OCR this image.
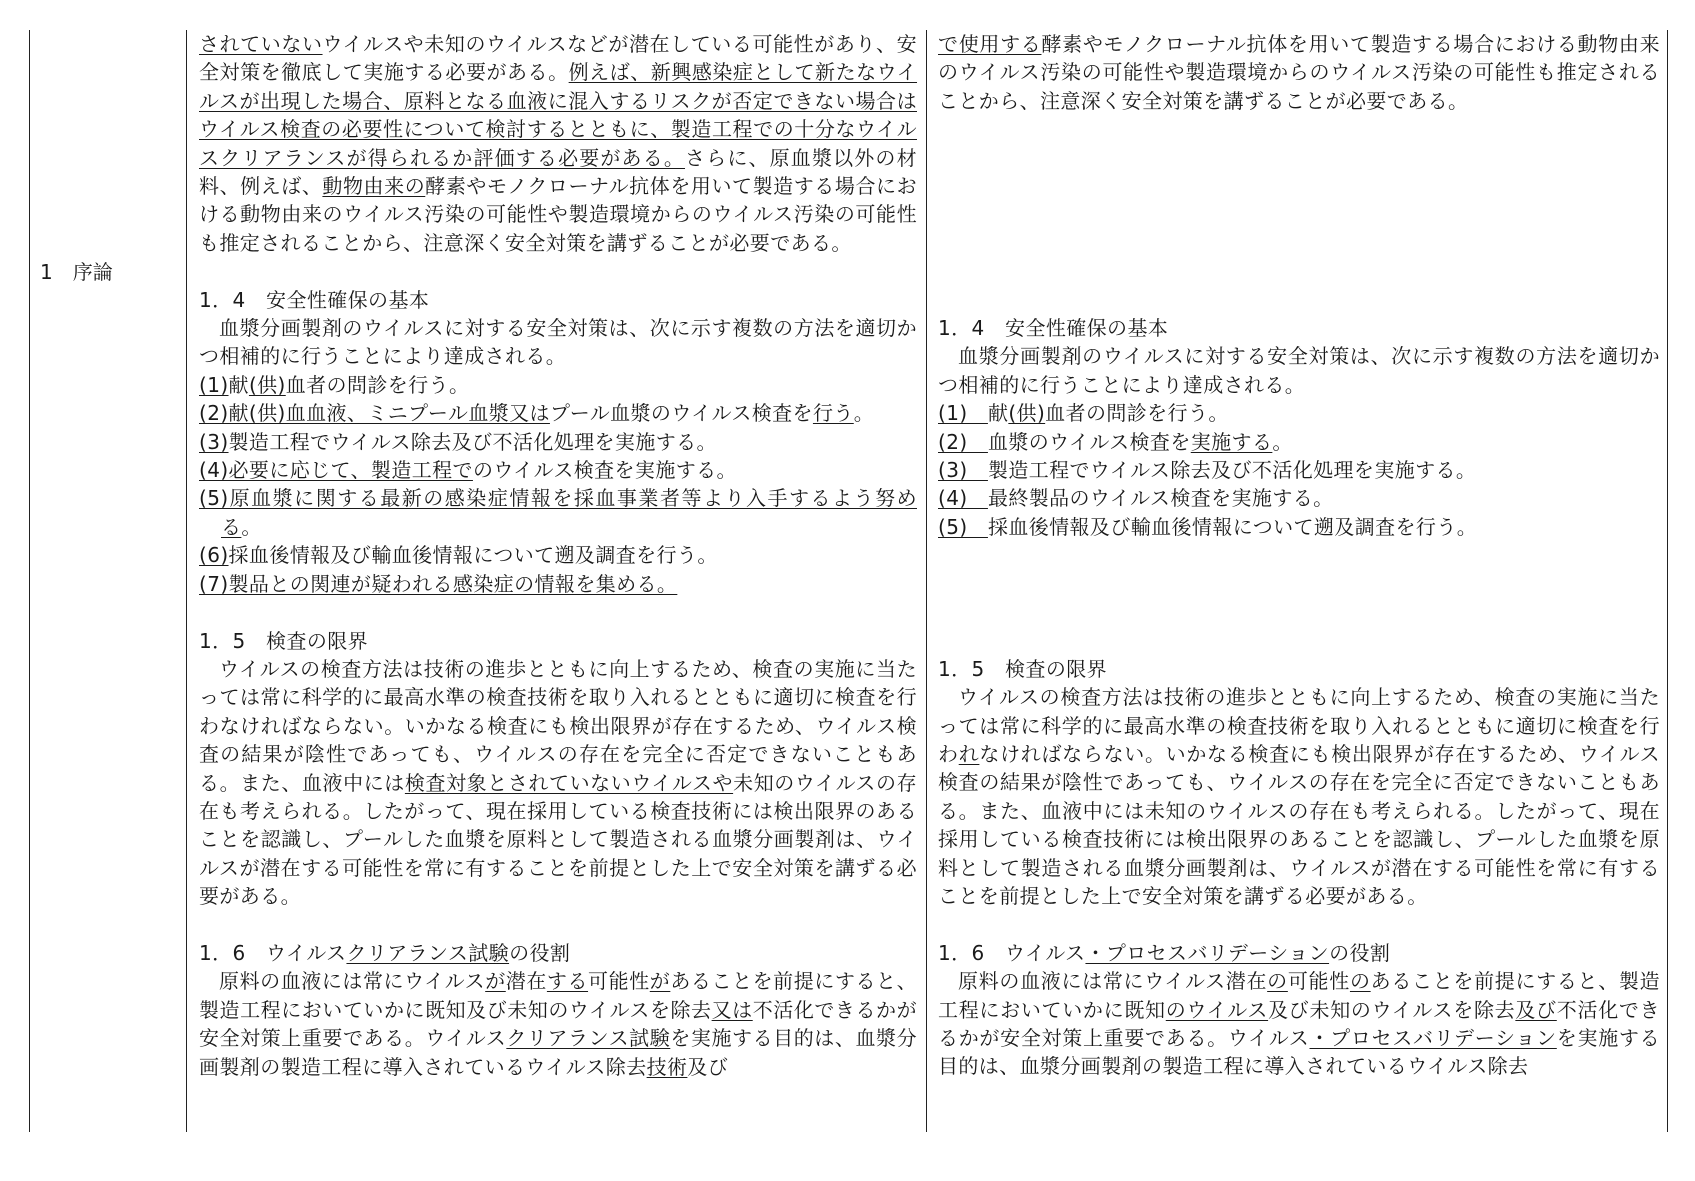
1　序論

されていないウイルスや未知のウイルスなどが潜在している可能性があり、安全対策を徹底して実施する必要がある。例えば、新興感染症として新たなウイルスが出現した場合、原料となる血液に混入するリスクが否定できない場合はウイルス検査の必要性について検討するとともに、製造工程での十分なウイルスクリアランスが得られるか評価する必要がある。さらに、原血漿以外の材料、例えば、動物由来の酵素やモノクローナル抗体を用いて製造する場合における動物由来のウイルス汚染の可能性や製造環境からのウイルス汚染の可能性も推定されることから、注意深く安全対策を講ずることが必要である。

1．4　安全性確保の基本

血漿分画製剤のウイルスに対する安全対策は、次に示す複数の方法を適切かつ相補的に行うことにより達成される。

(1)献(供)血者の問診を行う。

(2)献(供)血血液、ミニプール血漿又はプール血漿のウイルス検査を行う。

(3)製造工程でウイルス除去及び不活化処理を実施する。

(4)必要に応じて、製造工程でのウイルス検査を実施する。

(5)原血漿に関する最新の感染症情報を採血事業者等より入手するよう努める。

(6)採血後情報及び輸血後情報について遡及調査を行う。

(7)製品との関連が疑われる感染症の情報を集める。

1．5　検査の限界

ウイルスの検査方法は技術の進歩とともに向上するため、検査の実施に当たっては常に科学的に最高水準の検査技術を取り入れるとともに適切に検査を行わなければならない。いかなる検査にも検出限界が存在するため、ウイルス検査の結果が陰性であっても、ウイルスの存在を完全に否定できないこともある。また、血液中には検査対象とされていないウイルスや未知のウイルスの存在も考えられる。したがって、現在採用している検査技術には検出限界のあることを認識し、プールした血漿を原料として製造される血漿分画製剤は、ウイルスが潜在する可能性を常に有することを前提とした上で安全対策を講ずる必要がある。

1．6　ウイルスクリアランス試験の役割

原料の血液には常にウイルスが潜在する可能性があることを前提にすると、製造工程においていかに既知及び未知のウイルスを除去又は不活化できるかが安全対策上重要である。ウイルスクリアランス試験を実施する目的は、血漿分画製剤の製造工程に導入されているウイルス除去技術及び

で使用する酵素やモノクローナル抗体を用いて製造する場合における動物由来のウイルス汚染の可能性や製造環境からのウイルス汚染の可能性も推定されることから、注意深く安全対策を講ずることが必要である。

1．4　安全性確保の基本

血漿分画製剤のウイルスに対する安全対策は、次に示す複数の方法を適切かつ相補的に行うことにより達成される。

(1)　献(供)血者の問診を行う。

(2)　血漿のウイルス検査を実施する。

(3)　製造工程でウイルス除去及び不活化処理を実施する。

(4)　最終製品のウイルス検査を実施する。

(5)　採血後情報及び輸血後情報について遡及調査を行う。

1．5　検査の限界

ウイルスの検査方法は技術の進歩とともに向上するため、検査の実施に当たっては常に科学的に最高水準の検査技術を取り入れるとともに適切に検査を行われなければならない。いかなる検査にも検出限界が存在するため、ウイルス検査の結果が陰性であっても、ウイルスの存在を完全に否定できないこともある。また、血液中には未知のウイルスの存在も考えられる。したがって、現在採用している検査技術には検出限界のあることを認識し、プールした血漿を原料として製造される血漿分画製剤は、ウイルスが潜在する可能性を常に有することを前提とした上で安全対策を講ずる必要がある。

1．6　ウイルス・プロセスバリデーションの役割

原料の血液には常にウイルス潜在の可能性のあることを前提にすると、製造工程においていかに既知のウイルス及び未知のウイルスを除去及び不活化できるかが安全対策上重要である。ウイルス・プロセスバリデーションを実施する目的は、血漿分画製剤の製造工程に導入されているウイルス除去
